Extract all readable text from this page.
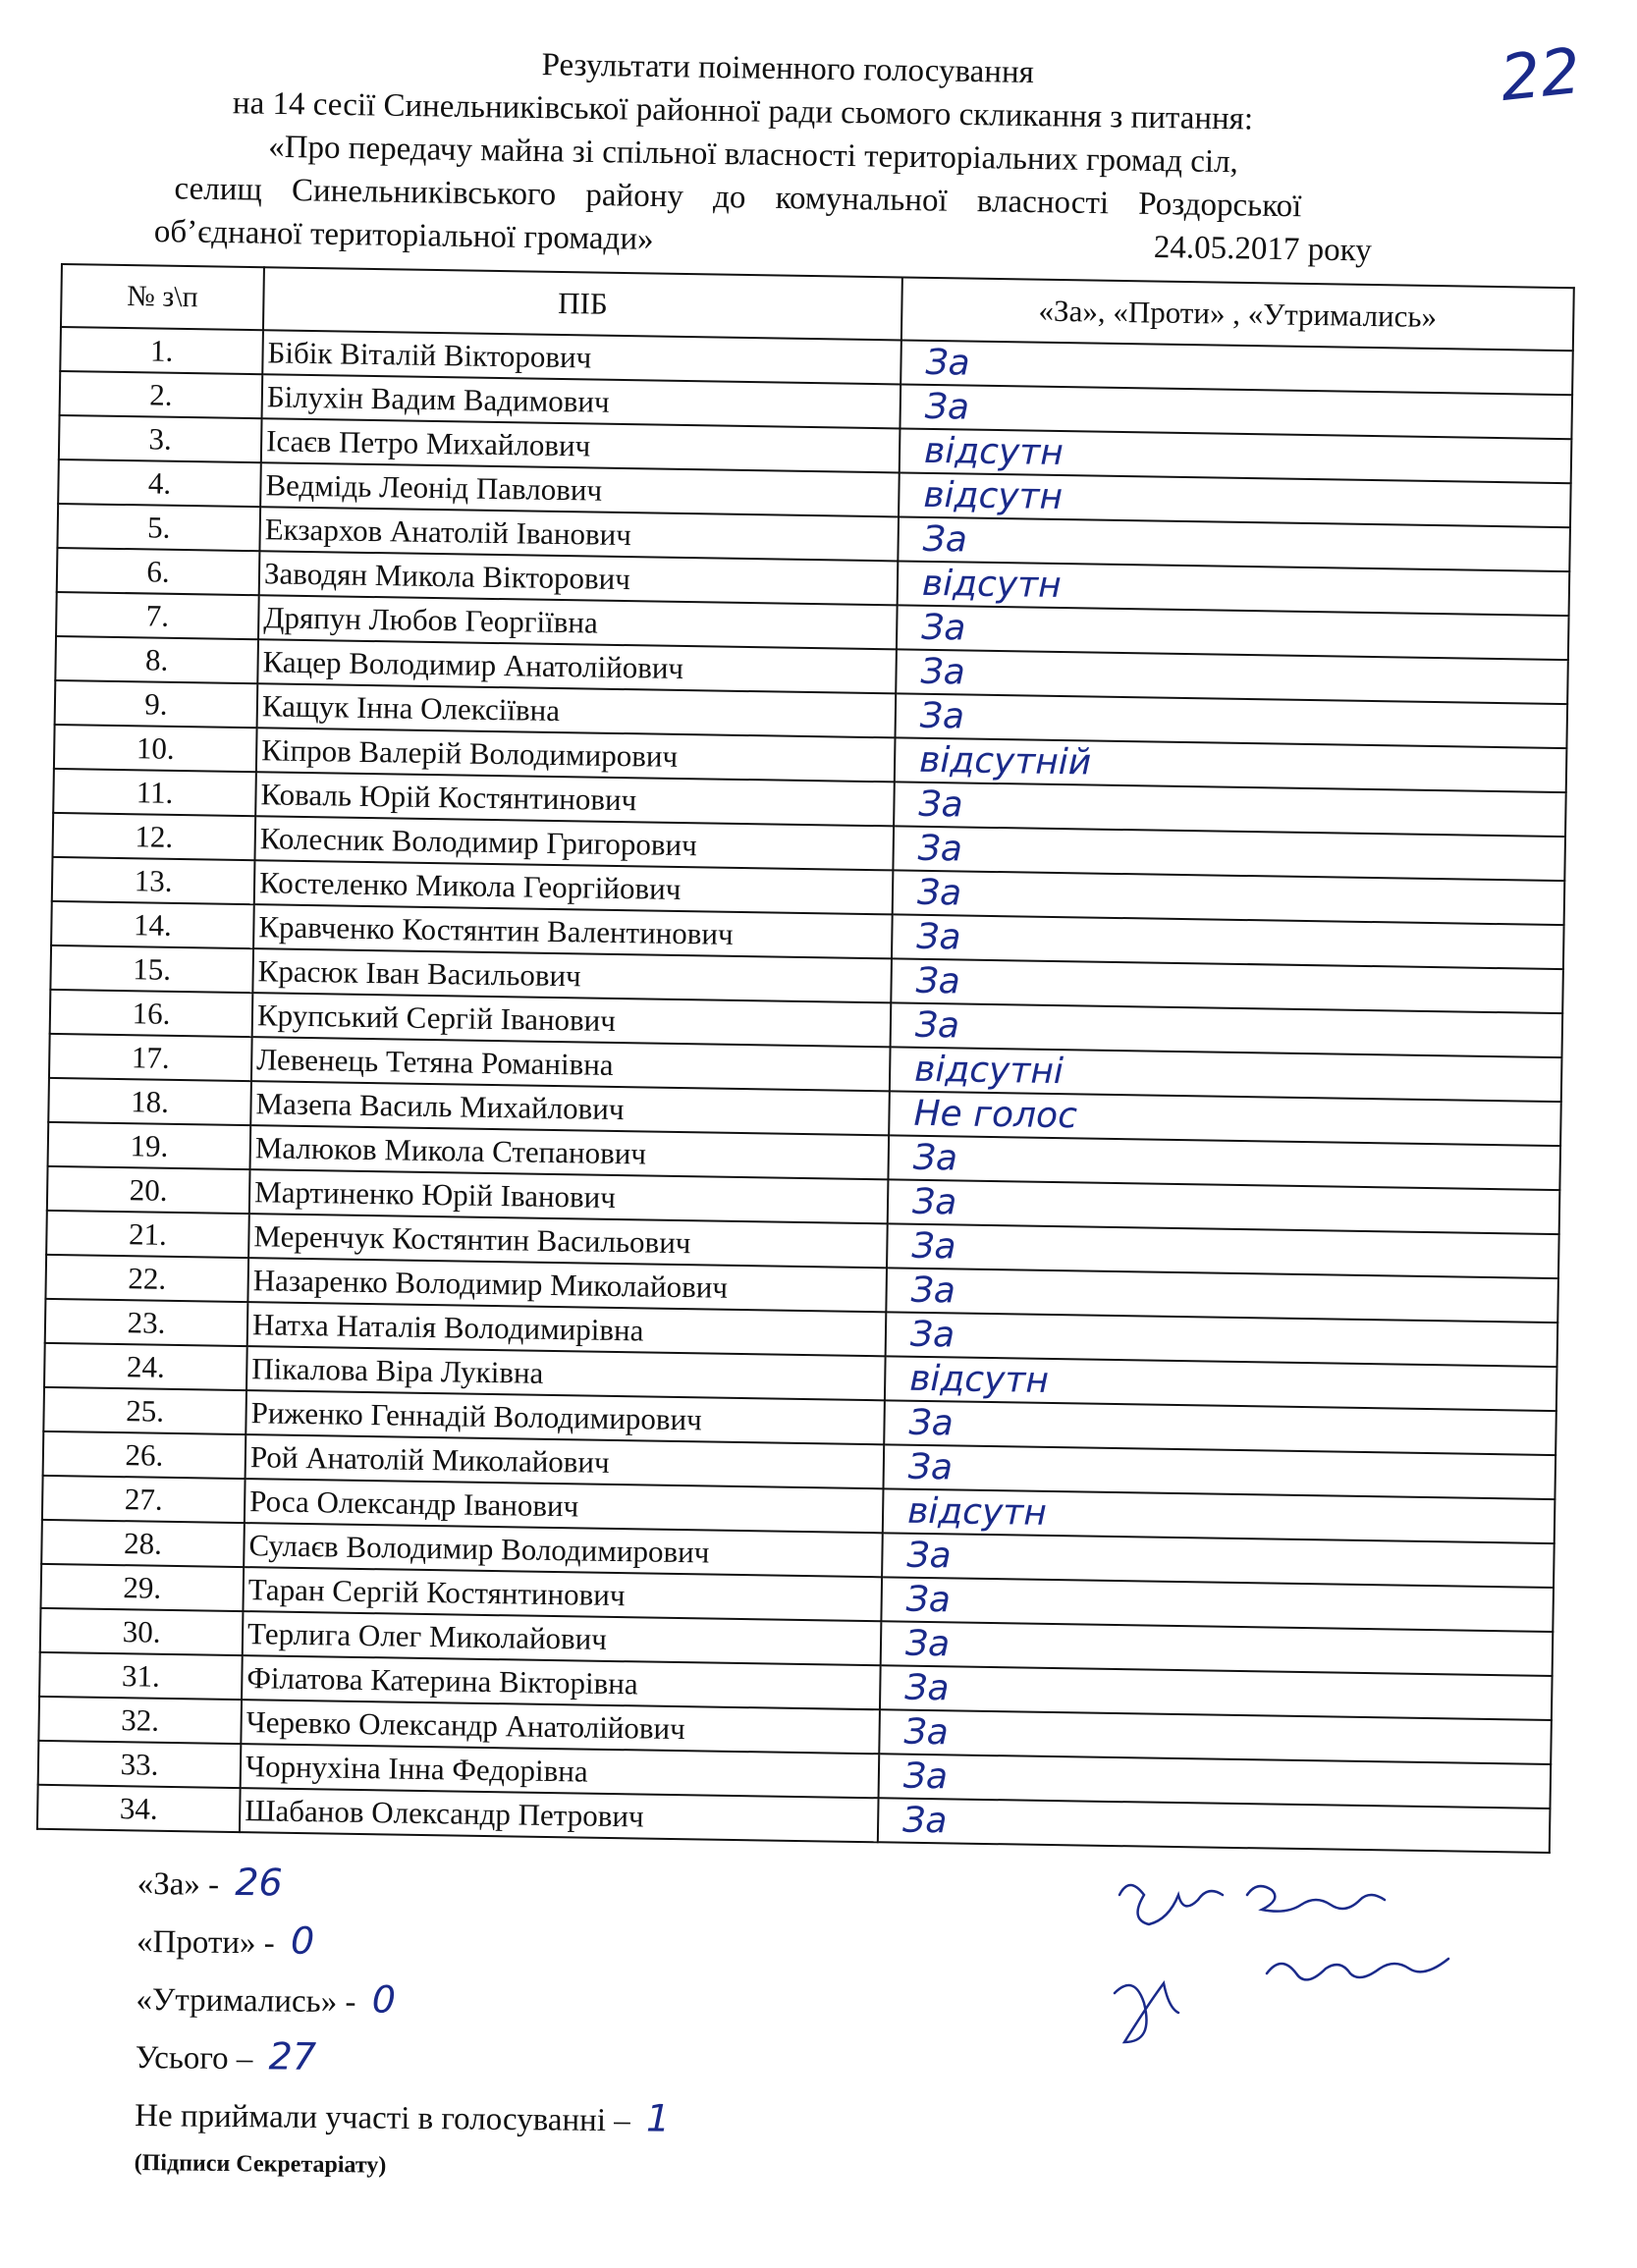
22
Результати поіменного голосування
на 14 сесії Синельниківської районної ради сьомого скликання з питання:
«Про передачу майна зі спільної власності територіальних громад сіл,
селищ Синельниківського району до комунальної власності Роздорської
об’єднаної територіальної громади»	24.05.2017 року
№ з\п	ПІБ	«За», «Проти» , «Утримались»
1.	Бібік Віталій Вікторович	За
2.	Білухін Вадим Вадимович	За
3.	Ісаєв Петро Михайлович	відсутн
4.	Ведмідь Леонід Павлович	відсутн
5.	Екзархов Анатолій Іванович	За
6.	Заводян Микола Вікторович	відсутн
7.	Дряпун Любов Георгіївна	За
8.	Кацер Володимир Анатолійович	За
9.	Кащук Інна Олексіївна	За
10.	Кіпров Валерій Володимирович	відсутній
11.	Коваль Юрій Костянтинович	За
12.	Колесник Володимир Григорович	За
13.	Костеленко Микола Георгійович	За
14.	Кравченко Костянтин Валентинович	За
15.	Красюк Іван Васильович	За
16.	Крупський Сергій Іванович	За
17.	Левенець Тетяна Романівна	відсутні
18.	Мазепа Василь Михайлович	Не голос
19.	Малюков Микола Степанович	За
20.	Мартиненко Юрій Іванович	За
21.	Меренчук Костянтин Васильович	За
22.	Назаренко Володимир Миколайович	За
23.	Натха Наталія Володимирівна	За
24.	Пікалова Віра Луківна	відсутн
25.	Риженко Геннадій Володимирович	За
26.	Рой Анатолій Миколайович	За
27.	Роса Олександр Іванович	відсутн
28.	Сулаєв Володимир Володимирович	За
29.	Таран Сергій Костянтинович	За
30.	Терлига Олег Миколайович	За
31.	Філатова Катерина Вікторівна	За
32.	Черевко Олександр Анатолійович	За
33.	Чорнухіна Інна Федорівна	За
34.	Шабанов Олександр Петрович	За
«За» - 26
«Проти» - 0
«Утримались» - 0
Усього – 27
Не приймали участі в голосуванні – 1
(Підписи Секретаріату)
